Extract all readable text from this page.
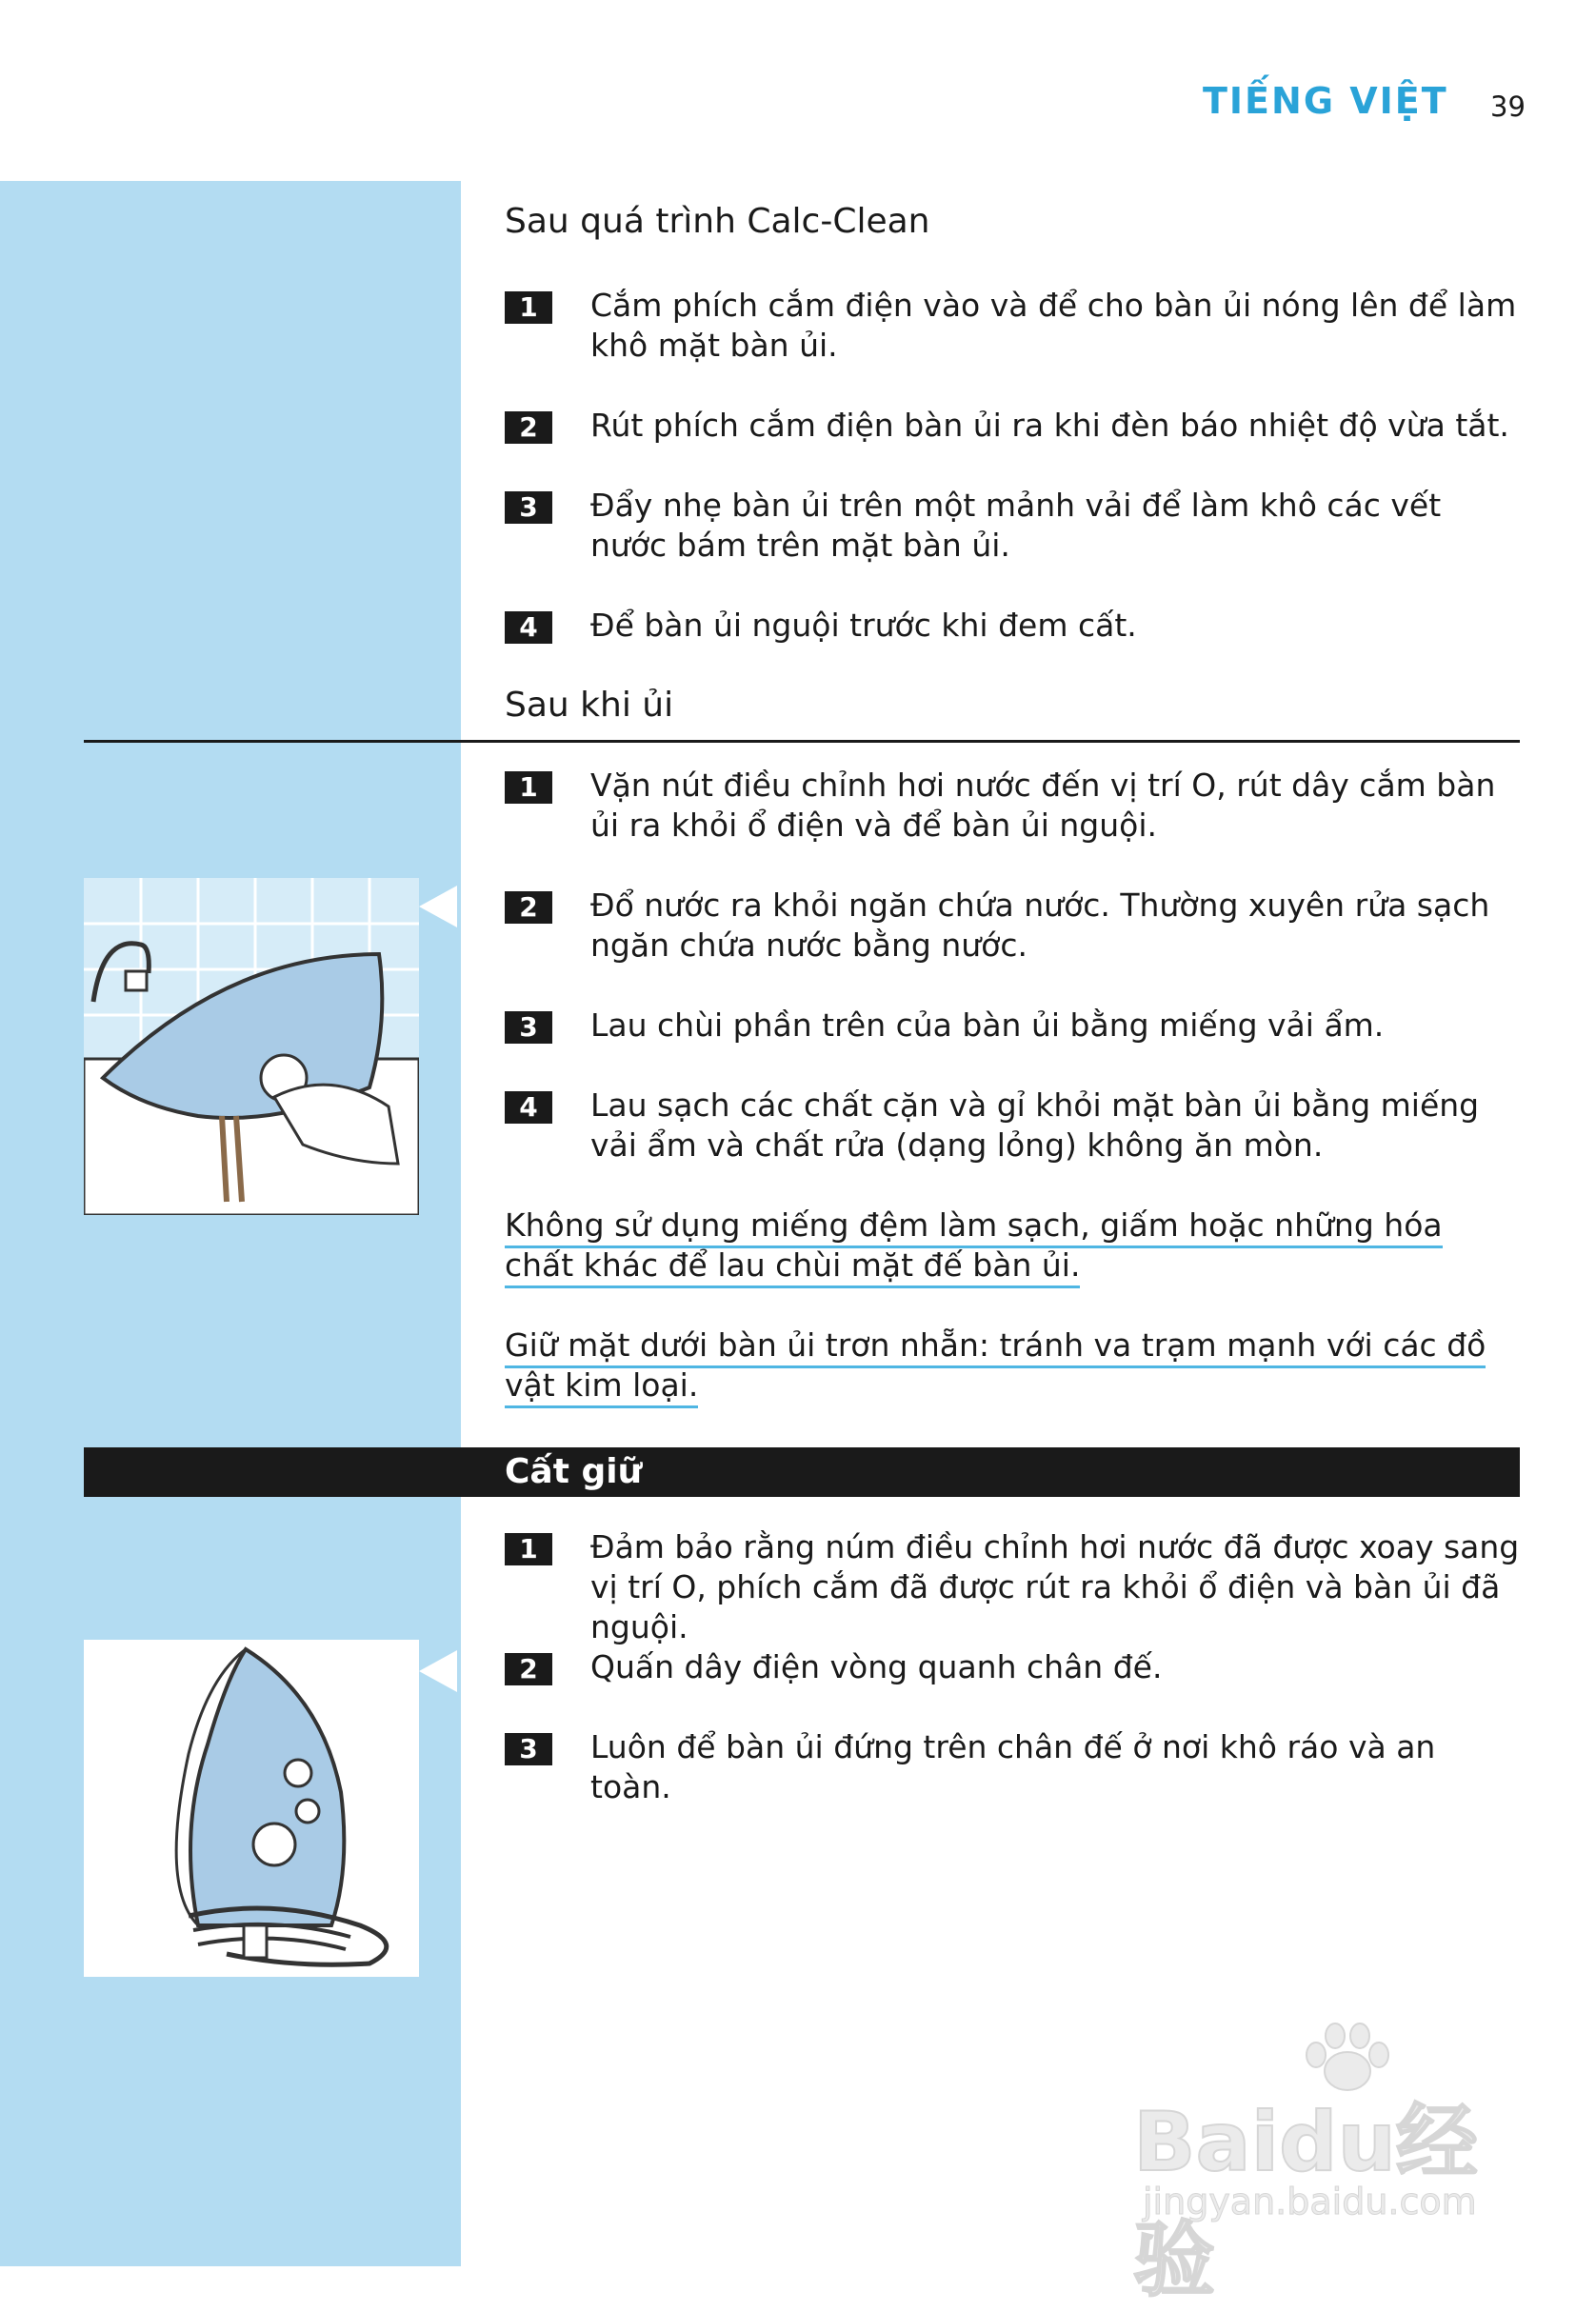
TIẾNG VIỆT 39
Sau quá trình Calc-Clean
1	Cắm phích cắm điện vào và để cho bàn ủi nóng lên để làm khô mặt bàn ủi.
2	Rút phích cắm điện bàn ủi ra khi đèn báo nhiệt độ vừa tắt.
3	Đẩy nhẹ bàn ủi trên một mảnh vải để làm khô các vết nước bám trên mặt bàn ủi.
4	Để bàn ủi nguội trước khi đem cất.
Sau khi ủi
1	Vặn nút điều chỉnh hơi nước đến vị trí O, rút dây cắm bàn ủi ra khỏi ổ điện và để bàn ủi nguội.
2	Đổ nước ra khỏi ngăn chứa nước. Thường xuyên rửa sạch ngăn chứa nước bằng nước.
3	Lau chùi phần trên của bàn ủi bằng miếng vải ẩm.
4	Lau sạch các chất cặn và gỉ khỏi mặt bàn ủi bằng miếng vải ẩm và chất rửa (dạng lỏng) không ăn mòn.
Không sử dụng miếng đệm làm sạch, giấm hoặc những hóa chất khác để lau chùi mặt đế bàn ủi.
Giữ mặt dưới bàn ủi trơn nhẵn: tránh va trạm mạnh với các đồ vật kim loại.
Cất giữ
1	Đảm bảo rằng núm điều chỉnh hơi nước đã được xoay sang vị trí O, phích cắm đã được rút ra khỏi ổ điện và bàn ủi đã nguội.
2	Quấn dây điện vòng quanh chân đế.
3	Luôn để bàn ủi đứng trên chân đế ở nơi khô ráo và an toàn.
Baidu经验
jingyan.baidu.com
